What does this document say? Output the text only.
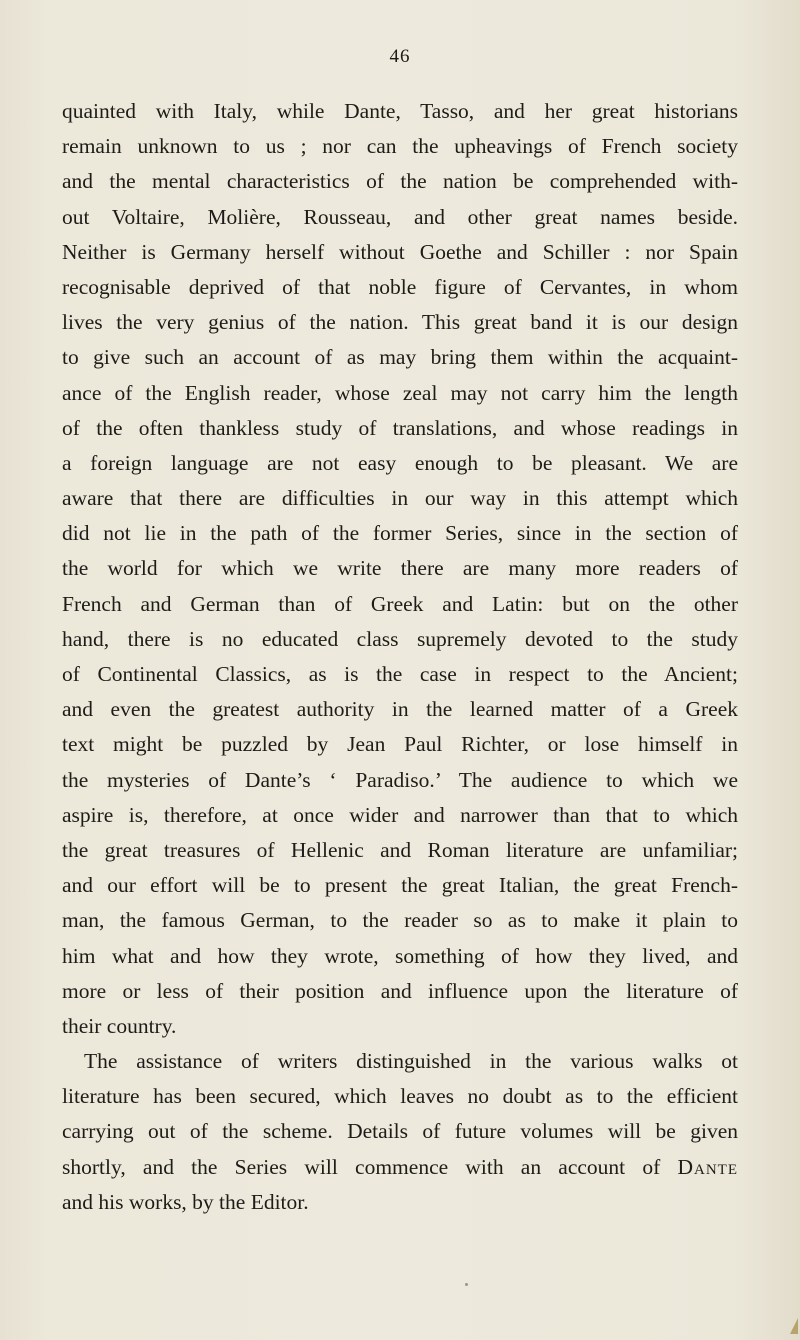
46
quainted with Italy, while Dante, Tasso, and her great historians
remain unknown to us ; nor can the upheavings of French society
and the mental characteristics of the nation be comprehended with-
out Voltaire, Molière, Rousseau, and other great names beside.
Neither is Germany herself without Goethe and Schiller : nor Spain
recognisable deprived of that noble figure of Cervantes, in whom
lives the very genius of the nation. This great band it is our design
to give such an account of as may bring them within the acquaint-
ance of the English reader, whose zeal may not carry him the length
of the often thankless study of translations, and whose readings in
a foreign language are not easy enough to be pleasant. We are
aware that there are difficulties in our way in this attempt which
did not lie in the path of the former Series, since in the section of
the world for which we write there are many more readers of
French and German than of Greek and Latin: but on the other
hand, there is no educated class supremely devoted to the study
of Continental Classics, as is the case in respect to the Ancient;
and even the greatest authority in the learned matter of a Greek
text might be puzzled by Jean Paul Richter, or lose himself in
the mysteries of Dante’s ‘ Paradiso.’ The audience to which we
aspire is, therefore, at once wider and narrower than that to which
the great treasures of Hellenic and Roman literature are unfamiliar;
and our effort will be to present the great Italian, the great French-
man, the famous German, to the reader so as to make it plain to
him what and how they wrote, something of how they lived, and
more or less of their position and influence upon the literature of
their country.
The assistance of writers distinguished in the various walks ot
literature has been secured, which leaves no doubt as to the efficient
carrying out of the scheme. Details of future volumes will be given
shortly, and the Series will commence with an account of Dante
and his works, by the Editor.
